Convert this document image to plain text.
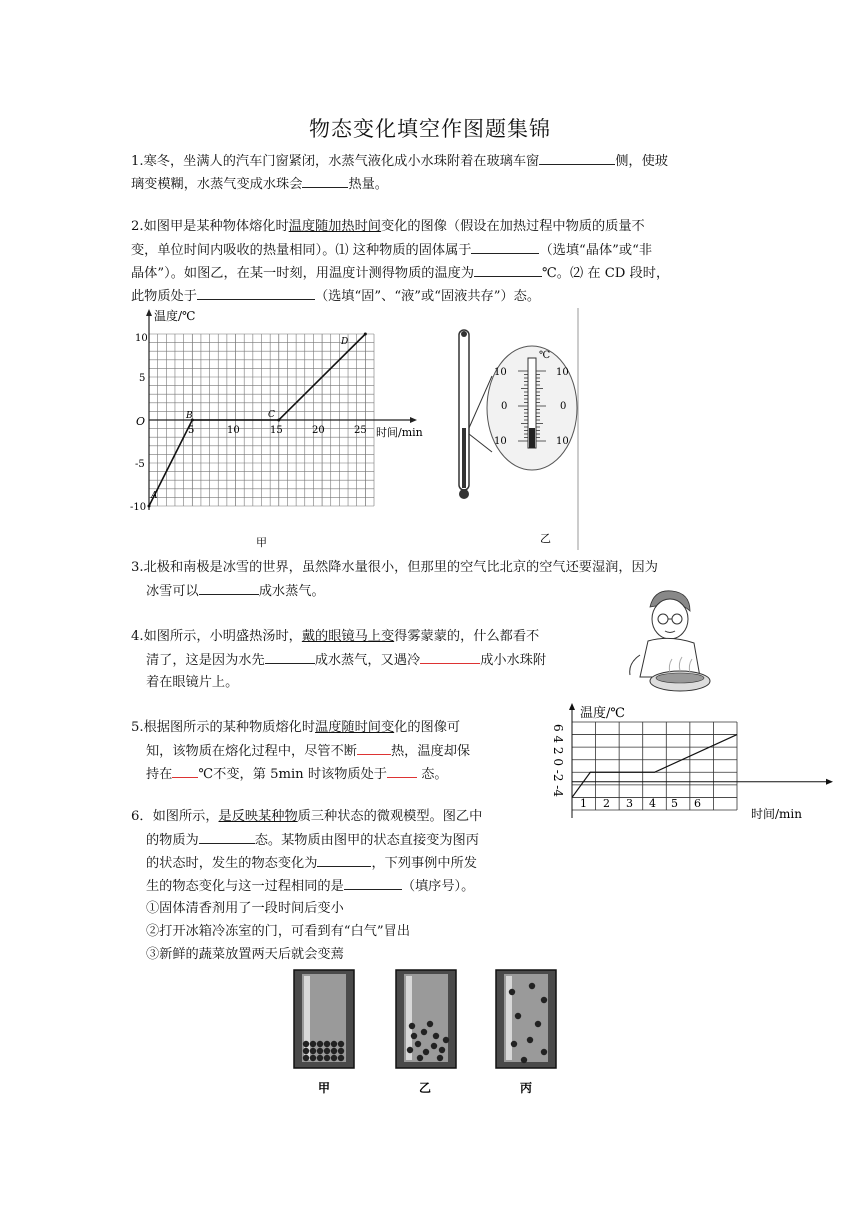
物态变化填空作图题集锦
1.寒冬，坐满人的汽车门窗紧闭，水蒸气液化成小水珠附着在玻璃车窗	侧，使玻
璃变模糊，水蒸气变成水珠会	热量。
2.如图甲是某种物体熔化时温度随加热时间变化的图像（假设在加热过程中物质的质量不
变，单位时间内吸收的热量相同）。⑴ 这种物质的固体属于	（选填“晶体”或“非
晶体”）。如图乙，在某一时刻，用温度计测得物质的温度为	℃。⑵ 在 CD 段时，
此物质处于	（选填“固”、“液”或“固液共存”）态。
温度/℃
时间/min
10
5
O
-5
-10
5	10	15	20	25
A
B	C
D
甲
℃
10
0
10
10
0
10
乙
3.北极和南极是冰雪的世界，虽然降水量很小，但那里的空气比北京的空气还要湿润，因为
冰雪可以	成水蒸气。
4.如图所示，小明盛热汤时，戴的眼镜马上变得雾蒙蒙的，什么都看不
清了，这是因为水先	成水蒸气，又遇冷	成小水珠附
着在眼镜片上。
5.根据图所示的某种物质熔化时温度随时间变化的图像可
知，该物质在熔化过程中，尽管不断	热，温度却保
持在 ℃不变，第 5min 时该物质处于 态。
温度/℃
时间/min
6 4 2 0 -2 -4
1 2 3 4 5 6
6．如图所示，是反映某种物质三种状态的微观模型。图乙中
的物质为	态。某物质由图甲的状态直接变为图丙
的状态时，发生的物态变化为	，下列事例中所发
生的物态变化与这一过程相同的是	（填序号）。
①固体清香剂用了一段时间后变小
②打开冰箱冷冻室的门，可看到有“白气”冒出
③新鲜的蔬菜放置两天后就会变蔫
甲	乙	丙
